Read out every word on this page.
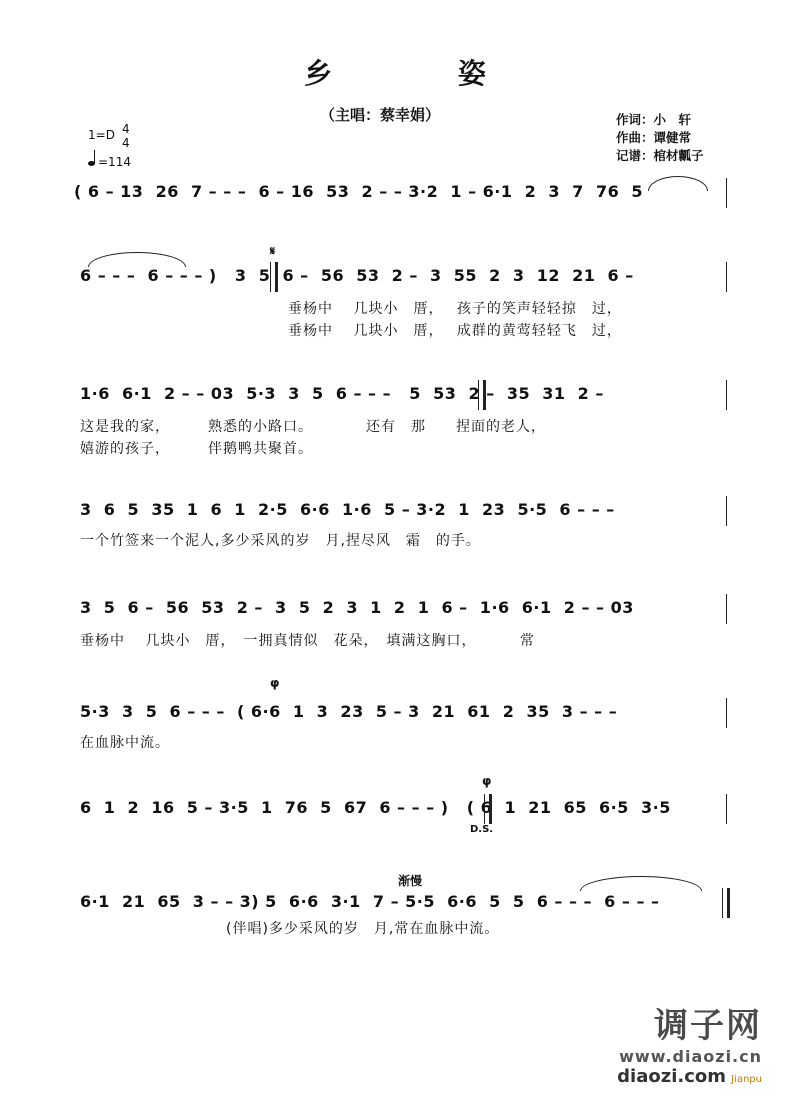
乡 姿
（主唱：蔡幸娟）	作词：小　轩
作曲：谭健常
记谱：棺材瓤子
1=D 4
4
=114
( 6 – 13  26  7 – – –  6 – 16  53  2 – – 3·2  1 – 6·1  2  3  7  76  5
𝄋
6 – – –  6 – – – )   3  5  6 –  56  53  2 –  3  55  2  3  12  21  6 –
垂杨中　 几块小　厝，　 孩子的笑声轻轻掠　过，
垂杨中　 几块小　厝，　 成群的黄莺轻轻飞　过，
1·6  6·1  2 – – 03  5·3  3  5  6 – – –   5  53  2 –  35  31  2 –
这是我的家，　　　熟悉的小路口。　　　　还有　那　　捏面的老人，
嬉游的孩子，　　　伴鹅鸭共聚首。
3  6  5  35  1  6  1  2·5  6·6  1·6  5 – 3·2  1  23  5·5  6 – – –
一个竹签来一个泥人,多少采风的岁　月,捏尽风　霜　的手。
3  5  6 –  56  53  2 –  3  5  2  3  1  2  1  6 –  1·6  6·1  2 – – 03
垂杨中　 几块小　厝，　一拥真情似　花朵，　填满这胸口，　　　 常
φ
5·3  3  5  6 – – –  ( 6·6  1  3  23  5 – 3  21  61  2  35  3 – – –
在血脉中流。
φ
6  1  2  16  5 – 3·5  1  76  5  67  6 – – – )   ( 6  1  21  65  6·5  3·5
D.S.
渐慢
6·1  21  65  3 – – 3) 5  6·6  3·1  7 – 5·5  6·6  5  5  6 – – –  6 – – –
(伴唱)多少采风的岁　月,常在血脉中流。
调子网
www.diaozi.cn
diaozi.com Jianpu
